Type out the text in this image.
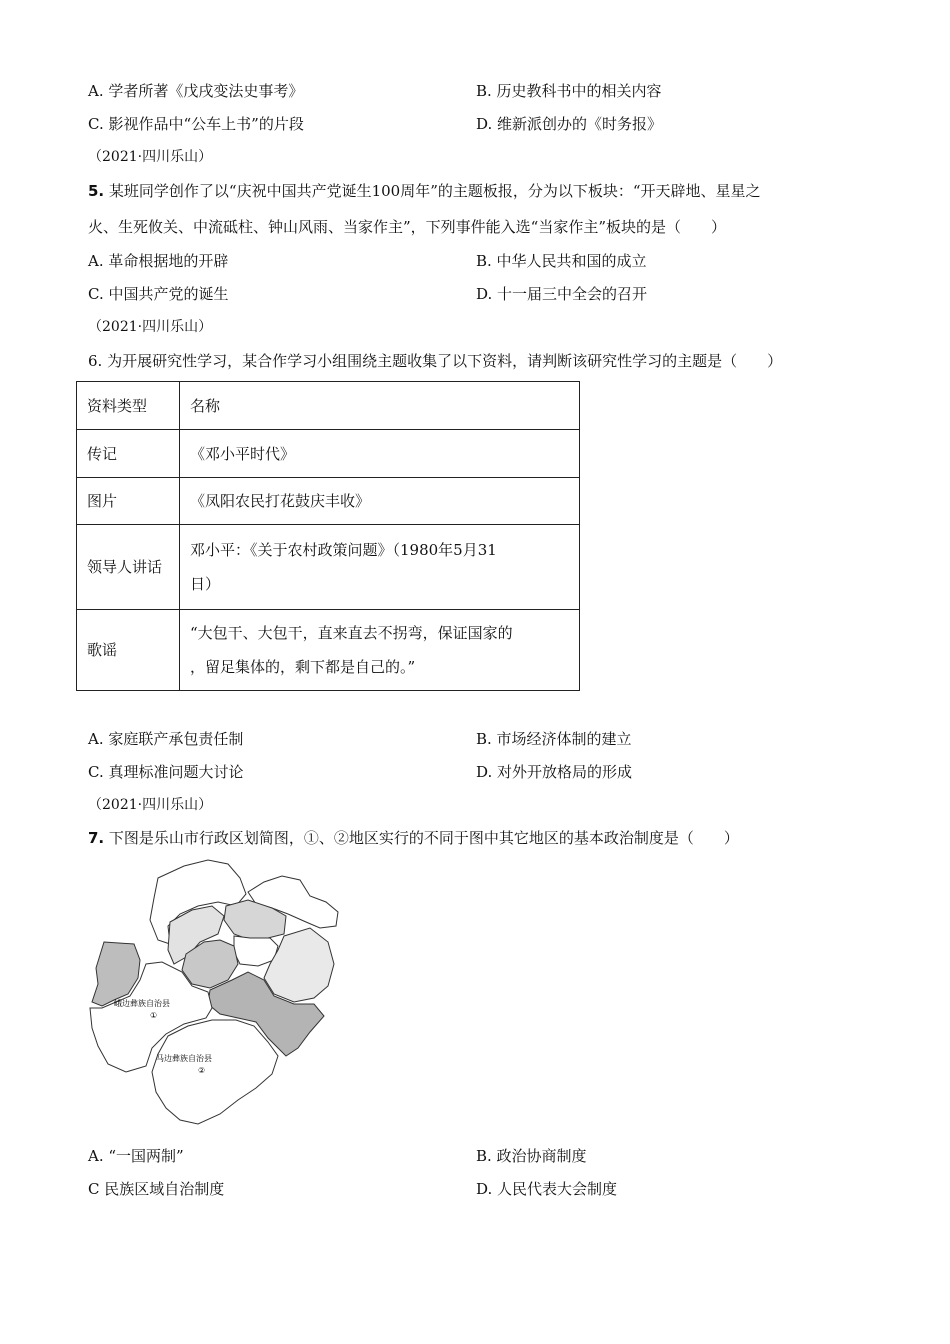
A. 学者所著《戊戌变法史事考》	B. 历史教科书中的相关内容
C. 影视作品中“公车上书”的片段	D. 维新派创办的《时务报》
（2021·四川乐山）
5. 某班同学创作了以“庆祝中国共产党诞生100周年”的主题板报，分为以下板块：“开天辟地、星星之
火、生死攸关、中流砥柱、钟山风雨、当家作主”，下列事件能入选“当家作主”板块的是（　　）
A. 革命根据地的开辟	B. 中华人民共和国的成立
C. 中国共产党的诞生	D. 十一届三中全会的召开
（2021·四川乐山）
6. 为开展研究性学习，某合作学习小组围绕主题收集了以下资料，请判断该研究性学习的主题是（　　）
资料类型	名称
传记	《邓小平时代》
图片	《凤阳农民打花鼓庆丰收》
领导人讲话	邓小平：《关于农村政策问题》（1980年5月31
日）
歌谣	“大包干、大包干，直来直去不拐弯，保证国家的
，留足集体的，剩下都是自己的。”
A. 家庭联产承包责任制	B. 市场经济体制的建立
C. 真理标准问题大讨论	D. 对外开放格局的形成
（2021·四川乐山）
7. 下图是乐山市行政区划简图，①、②地区实行的不同于图中其它地区的基本政治制度是（　　）
峨边彝族自治县
①
马边彝族自治县
②
A. “一国两制”	B. 政治协商制度
C 民族区域自治制度	D. 人民代表大会制度
